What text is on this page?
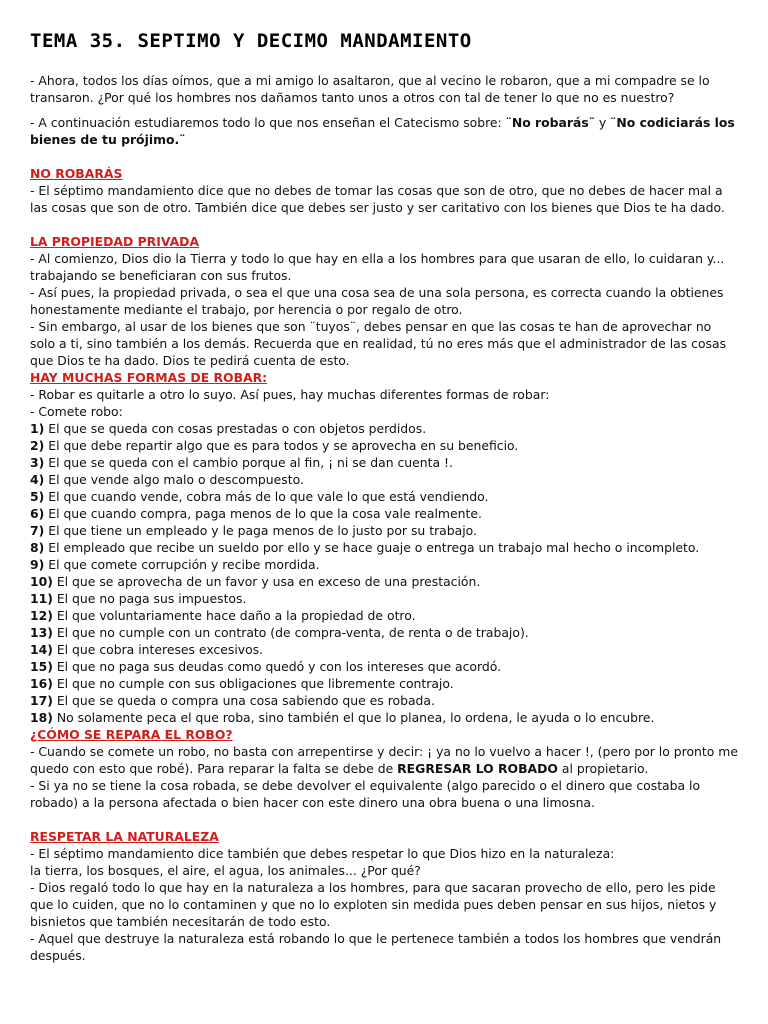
TEMA 35. SEPTIMO Y DECIMO MANDAMIENTO

- Ahora, todos los días oímos, que a mi amigo lo asaltaron, que al vecino le robaron, que a mi compadre se lo transaron. ¿Por qué los hombres nos dañamos tanto unos a otros con tal de tener lo que no es nuestro?

- A continuación estudiaremos todo lo que nos enseñan el Catecismo sobre: ¨No robarás¨ y ¨No codiciarás los bienes de tu prójimo.¨

NO ROBARÁS

- El séptimo mandamiento dice que no debes de tomar las cosas que son de otro, que no debes de hacer mal a las cosas que son de otro. También dice que debes ser justo y ser caritativo con los bienes que Dios te ha dado.

LA PROPIEDAD PRIVADA

- Al comienzo, Dios dio la Tierra y todo lo que hay en ella a los hombres para que usaran de ello, lo cuidaran y... trabajando se beneficiaran con sus frutos.

- Así pues, la propiedad privada, o sea el que una cosa sea de una sola persona, es correcta cuando la obtienes honestamente mediante el trabajo, por herencia o por regalo de otro.

- Sin embargo, al usar de los bienes que son ¨tuyos¨, debes pensar en que las cosas te han de aprovechar no solo a ti, sino también a los demás. Recuerda que en realidad, tú no eres más que el administrador de las cosas que Dios te ha dado. Dios te pedirá cuenta de esto.

HAY MUCHAS FORMAS DE ROBAR:

- Robar es quitarle a otro lo suyo. Así pues, hay muchas diferentes formas de robar:

- Comete robo:

1) El que se queda con cosas prestadas o con objetos perdidos.

2) El que debe repartir algo que es para todos y se aprovecha en su beneficio.

3) El que se queda con el cambio porque al fin, ¡ ni se dan cuenta !.

4) El que vende algo malo o descompuesto.

5) El que cuando vende, cobra más de lo que vale lo que está vendiendo.

6) El que cuando compra, paga menos de lo que la cosa vale realmente.

7) El que tiene un empleado y le paga menos de lo justo por su trabajo.

8) El empleado que recibe un sueldo por ello y se hace guaje o entrega un trabajo mal hecho o incompleto.

9) El que comete corrupción y recibe mordida.

10) El que se aprovecha de un favor y usa en exceso de una prestación.

11) El que no paga sus impuestos.

12) El que voluntariamente hace daño a la propiedad de otro.

13) El que no cumple con un contrato (de compra-venta, de renta o de trabajo).

14) El que cobra intereses excesivos.

15) El que no paga sus deudas como quedó y con los intereses que acordó.

16) El que no cumple con sus obligaciones que libremente contrajo.

17) El que se queda o compra una cosa sabiendo que es robada.

18) No solamente peca el que roba, sino también el que lo planea, lo ordena, le ayuda o lo encubre.

¿CÓMO SE REPARA EL ROBO?

- Cuando se comete un robo, no basta con arrepentirse y decir: ¡ ya no lo vuelvo a hacer !, (pero por lo pronto me quedo con esto que robé). Para reparar la falta se debe de REGRESAR LO ROBADO al propietario.

- Si ya no se tiene la cosa robada, se debe devolver el equivalente (algo parecido o el dinero que costaba lo robado) a la persona afectada o bien hacer con este dinero una obra buena o una limosna.

RESPETAR LA NATURALEZA

- El séptimo mandamiento dice también que debes respetar lo que Dios hizo en la naturaleza:

la tierra, los bosques, el aire, el agua, los animales... ¿Por qué?

- Dios regaló todo lo que hay en la naturaleza a los hombres, para que sacaran provecho de ello, pero les pide que lo cuiden, que no lo contaminen y que no lo exploten sin medida pues deben pensar en sus hijos, nietos y bisnietos que también necesitarán de todo esto.

- Aquel que destruye la naturaleza está robando lo que le pertenece también a todos los hombres que vendrán después.
